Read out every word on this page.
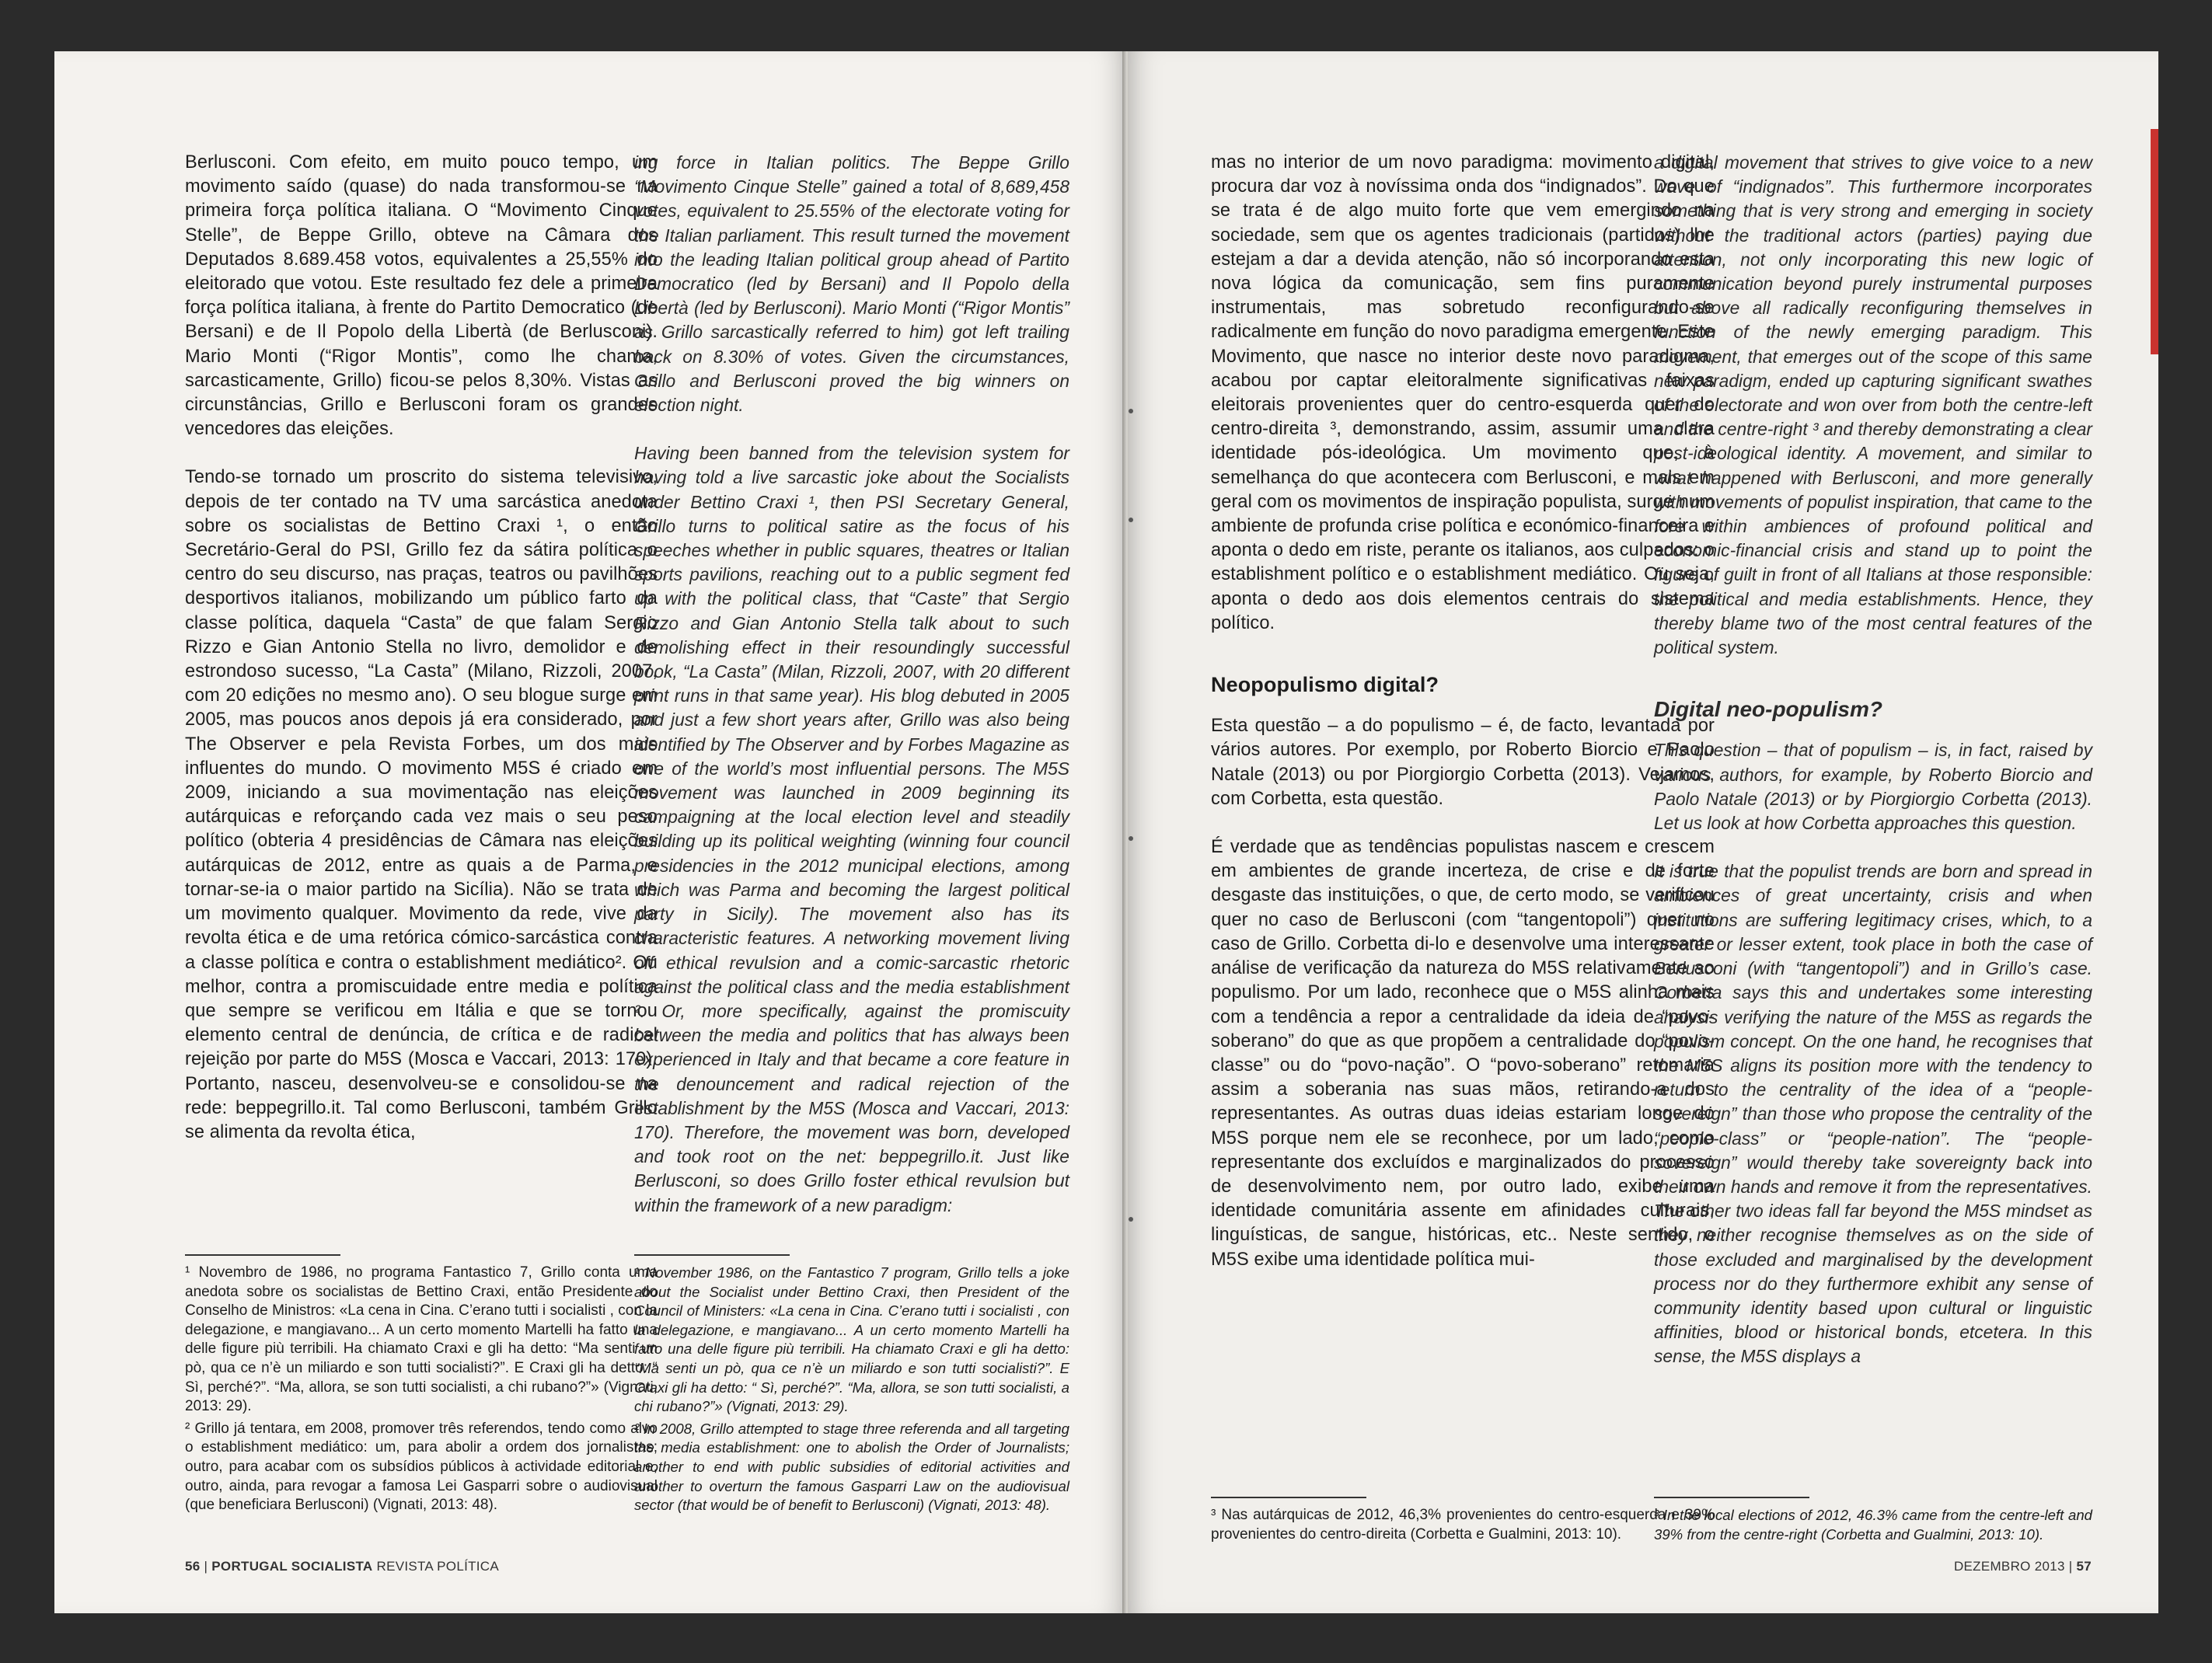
Berlusconi. Com efeito, em muito pouco tempo, um movimento saído (quase) do nada transformou-se na primeira força política italiana. O “Movimento Cinque Stelle”, de Beppe Grillo, obteve na Câmara dos Deputados 8.689.458 votos, equivalentes a 25,55% do eleitorado que votou. Este resultado fez dele a primeira força política italiana, à frente do Partito Democratico (de Bersani) e de Il Popolo della Libertà (de Berlusconi). Mario Monti (“Rigor Montis”, como lhe chama, sarcasticamente, Grillo) ficou-se pelos 8,30%. Vistas as circunstâncias, Grillo e Berlusconi foram os grandes vencedores das eleições.

Tendo-se tornado um proscrito do sistema televisivo, depois de ter contado na TV uma sarcástica anedota sobre os socialistas de Bettino Craxi ¹, o então Secretário-Geral do PSI, Grillo fez da sátira política o centro do seu discurso, nas praças, teatros ou pavilhões desportivos italianos, mobilizando um público farto da classe política, daquela “Casta” de que falam Sergio Rizzo e Gian Antonio Stella no livro, demolidor e de estrondoso sucesso, “La Casta” (Milano, Rizzoli, 2007, com 20 edições no mesmo ano). O seu blogue surge em 2005, mas poucos anos depois já era considerado, por The Observer e pela Revista Forbes, um dos mais influentes do mundo. O movimento M5S é criado em 2009, iniciando a sua movimentação nas eleições autárquicas e reforçando cada vez mais o seu peso político (obteria 4 presidências de Câmara nas eleições autárquicas de 2012, entre as quais a de Parma, e tornar-se-ia o maior partido na Sicília). Não se trata de um movimento qualquer. Movimento da rede, vive da revolta ética e de uma retórica cómico-sarcástica contra a classe política e contra o establishment mediático². Ou melhor, contra a promiscuidade entre media e política que sempre se verificou em Itália e que se tornou elemento central de denúncia, de crítica e de radical rejeição por parte do M5S (Mosca e Vaccari, 2013: 170). Portanto, nasceu, desenvolveu-se e consolidou-se na rede: beppegrillo.it. Tal como Berlusconi, também Grillo se alimenta da revolta ética,

¹ Novembro de 1986, no programa Fantastico 7, Grillo conta uma anedota sobre os socialistas de Bettino Craxi, então Presidente do Conselho de Ministros: «La cena in Cina. C’erano tutti i socialisti , con la delegazione, e mangiavano... A un certo momento Martelli ha fatto una delle figure più terribili. Ha chiamato Craxi e gli ha detto: “Ma senti un pò, qua ce n’è un miliardo e son tutti socialisti?”. E Craxi gli ha detto: “ Sì, perché?”. “Ma, allora, se son tutti socialisti, a chi rubano?”» (Vignati, 2013: 29).

² Grillo já tentara, em 2008, promover três referendos, tendo como alvo o establishment mediático: um, para abolir a ordem dos jornalistas; outro, para acabar com os subsídios públicos à actividade editorial e, outro, ainda, para revogar a famosa Lei Gasparri sobre o audiovisual (que beneficiara Berlusconi) (Vignati, 2013: 48).

ing force in Italian politics. The Beppe Grillo “Movimento Cinque Stelle” gained a total of 8,689,458 votes, equivalent to 25.55% of the electorate voting for the Italian parliament. This result turned the movement into the leading Italian political group ahead of Partito Democratico (led by Bersani) and Il Popolo della Libertà (led by Berlusconi). Mario Monti (“Rigor Montis” as Grillo sarcastically referred to him) got left trailing back on 8.30% of votes. Given the circumstances, Grillo and Berlusconi proved the big winners on election night.

Having been banned from the television system for having told a live sarcastic joke about the Socialists under Bettino Craxi ¹, then PSI Secretary General, Grillo turns to political satire as the focus of his speeches whether in public squares, theatres or Italian sports pavilions, reaching out to a public segment fed up with the political class, that “Caste” that Sergio Rizzo and Gian Antonio Stella talk about to such demolishing effect in their resoundingly successful book, “La Casta” (Milan, Rizzoli, 2007, with 20 different print runs in that same year). His blog debuted in 2005 and just a few short years after, Grillo was also being identified by The Observer and by Forbes Magazine as one of the world’s most influential persons. The M5S movement was launched in 2009 beginning its campaigning at the local election level and steadily building up its political weighting (winning four council presidencies in the 2012 municipal elections, among which was Parma and becoming the largest political party in Sicily). The movement also has its characteristic features. A networking movement living off ethical revulsion and a comic-sarcastic rhetoric against the political class and the media establishment ². Or, more specifically, against the promiscuity between the media and politics that has always been experienced in Italy and that became a core feature in the denouncement and radical rejection of the establishment by the M5S (Mosca and Vaccari, 2013: 170). Therefore, the movement was born, developed and took root on the net: beppegrillo.it. Just like Berlusconi, so does Grillo foster ethical revulsion but within the framework of a new paradigm:

¹ November 1986, on the Fantastico 7 program, Grillo tells a joke about the Socialist under Bettino Craxi, then President of the Council of Ministers: «La cena in Cina. C’erano tutti i socialisti , con la delegazione, e mangiavano... A un certo momento Martelli ha fatto una delle figure più terribili. Ha chiamato Craxi e gli ha detto: “Ma senti un pò, qua ce n’è un miliardo e son tutti socialisti?”. E Craxi gli ha detto: “ Sì, perché?”. “Ma, allora, se son tutti socialisti, a chi rubano?”» (Vignati, 2013: 29).

² In 2008, Grillo attempted to stage three referenda and all targeting the media establishment: one to abolish the Order of Journalists; another to end with public subsidies of editorial activities and another to overturn the famous Gasparri Law on the audiovisual sector (that would be of benefit to Berlusconi) (Vignati, 2013: 48).

56 | PORTUGAL SOCIALISTA REVISTA POLÍTICA

mas no interior de um novo paradigma: movimento digital, procura dar voz à novíssima onda dos “indignados”. Do que se trata é de algo muito forte que vem emergindo na sociedade, sem que os agentes tradicionais (partidos) lhe estejam a dar a devida atenção, não só incorporando esta nova lógica da comunicação, sem fins puramente instrumentais, mas sobretudo reconfigurando-se radicalmente em função do novo paradigma emergente. Este Movimento, que nasce no interior deste novo paradigma, acabou por captar eleitoralmente significativas faixas eleitorais provenientes quer do centro-esquerda quer do centro-direita ³, demonstrando, assim, assumir uma clara identidade pós-ideológica. Um movimento que, à semelhança do que acontecera com Berlusconi, e mais em geral com os movimentos de inspiração populista, surge num ambiente de profunda crise política e económico-financeira e aponta o dedo em riste, perante os italianos, aos culpados: o establishment político e o establishment mediático. Ou seja, aponta o dedo aos dois elementos centrais do sistema político.

Neopopulismo digital?

Esta questão – a do populismo – é, de facto, levantada por vários autores. Por exemplo, por Roberto Biorcio e Paolo Natale (2013) ou por Piorgiorgio Corbetta (2013). Vejamos, com Corbetta, esta questão.

É verdade que as tendências populistas nascem e crescem em ambientes de grande incerteza, de crise e de forte desgaste das instituições, o que, de certo modo, se verificou quer no caso de Berlusconi (com “tangentopoli”) quer no caso de Grillo. Corbetta di-lo e desenvolve uma interessante análise de verificação da natureza do M5S relativamente ao populismo. Por um lado, reconhece que o M5S alinha mais com a tendência a repor a centralidade da ideia de “povo-soberano” do que as que propõem a centralidade do “povo-classe” ou do “povo-nação”. O “povo-soberano” retomaria assim a soberania nas suas mãos, retirando-a dos representantes. As outras duas ideias estariam longe do M5S porque nem ele se reconhece, por um lado, como representante dos excluídos e marginalizados do processo de desenvolvimento nem, por outro lado, exibe uma identidade comunitária assente em afinidades culturais, linguísticas, de sangue, históricas, etc.. Neste sentido, o M5S exibe uma identidade política mui-

³ Nas autárquicas de 2012, 46,3% provenientes do centro-esquerda e 39% provenientes do centro-direita (Corbetta e Gualmini, 2013: 10).

a digital movement that strives to give voice to a new wave of “indignados”. This furthermore incorporates something that is very strong and emerging in society without the traditional actors (parties) paying due attention, not only incorporating this new logic of communication beyond purely instrumental purposes but above all radically reconfiguring themselves in function of the newly emerging paradigm. This movement, that emerges out of the scope of this same new paradigm, ended up capturing significant swathes of the electorate and won over from both the centre-left and the centre-right ³ and thereby demonstrating a clear post-ideological identity. A movement, and similar to what happened with Berlusconi, and more generally with movements of populist inspiration, that came to the fore within ambiences of profound political and economic-financial crisis and stand up to point the figure of guilt in front of all Italians at those responsible: the political and media establishments. Hence, they thereby blame two of the most central features of the political system.

Digital neo-populism?

This question – that of populism – is, in fact, raised by various authors, for example, by Roberto Biorcio and Paolo Natale (2013) or by Piorgiorgio Corbetta (2013). Let us look at how Corbetta approaches this question.

It is true that the populist trends are born and spread in ambiences of great uncertainty, crisis and when institutions are suffering legitimacy crises, which, to a greater or lesser extent, took place in both the case of Berlusconi (with “tangentopoli”) and in Grillo’s case. Corbetta says this and undertakes some interesting analysis verifying the nature of the M5S as regards the populism concept. On the one hand, he recognises that the M5S aligns its position more with the tendency to return to the centrality of the idea of a “people-sovereign” than those who propose the centrality of the “people-class” or “people-nation”. The “people-sovereign” would thereby take sovereignty back into their own hands and remove it from the representatives. The other two ideas fall far beyond the M5S mindset as they neither recognise themselves as on the side of those excluded and marginalised by the development process nor do they furthermore exhibit any sense of community identity based upon cultural or linguistic affinities, blood or historical bonds, etcetera. In this sense, the M5S displays a

³ In the local elections of 2012, 46.3% came from the centre-left and 39% from the centre-right (Corbetta and Gualmini, 2013: 10).

DEZEMBRO 2013 | 57
